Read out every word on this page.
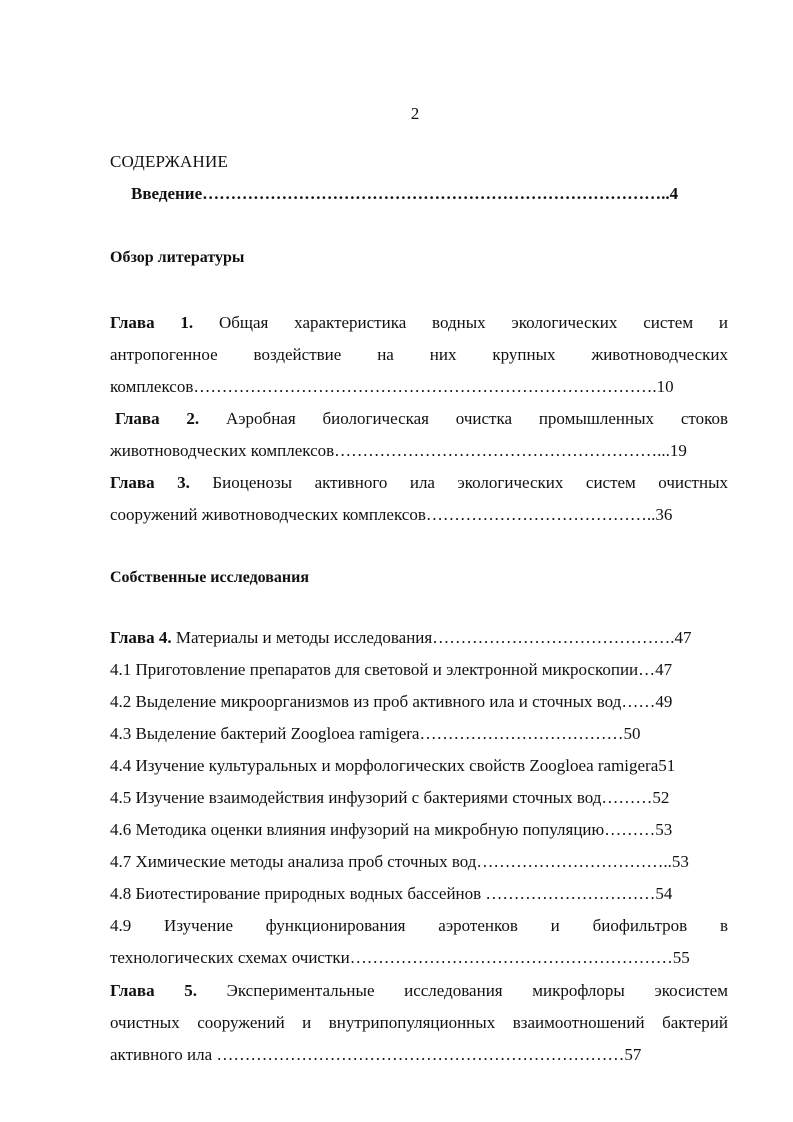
2
СОДЕРЖАНИЕ
Введение………………………………………………………………………..4
Обзор литературы
Глава 1. Общая характеристика водных экологических систем и
антропогенное воздействие на них крупных животноводческих
комплексов……………………………………………………………………….10
Глава 2. Аэробная биологическая очистка промышленных стоков
животноводческих комплексов…………………………………………………...19
Глава 3. Биоценозы активного ила экологических систем очистных
сооружений животноводческих комплексов…………………………………..36
Собственные исследования
Глава 4. Материалы и методы исследования…………………………………….47
4.1 Приготовление препаратов для световой и электронной микроскопии…47
4.2 Выделение микроорганизмов из проб активного ила и сточных вод……49
4.3 Выделение бактерий Zoogloea ramigera………………………………50
4.4 Изучение культуральных и морфологических свойств Zoogloea ramigera51
4.5 Изучение взаимодействия инфузорий с бактериями сточных вод………52
4.6 Методика оценки влияния инфузорий на микробную популяцию………53
4.7 Химические методы анализа проб сточных вод……………………………..53
4.8 Биотестирование природных водных бассейнов …………………………54
4.9 Изучение функционирования аэротенков и биофильтров в
технологических схемах очистки…………………………………………………55
Глава 5. Экспериментальные исследования микрофлоры экосистем
очистных сооружений и внутрипопуляционных взаимоотношений бактерий
активного ила ………………………………………………………………57
